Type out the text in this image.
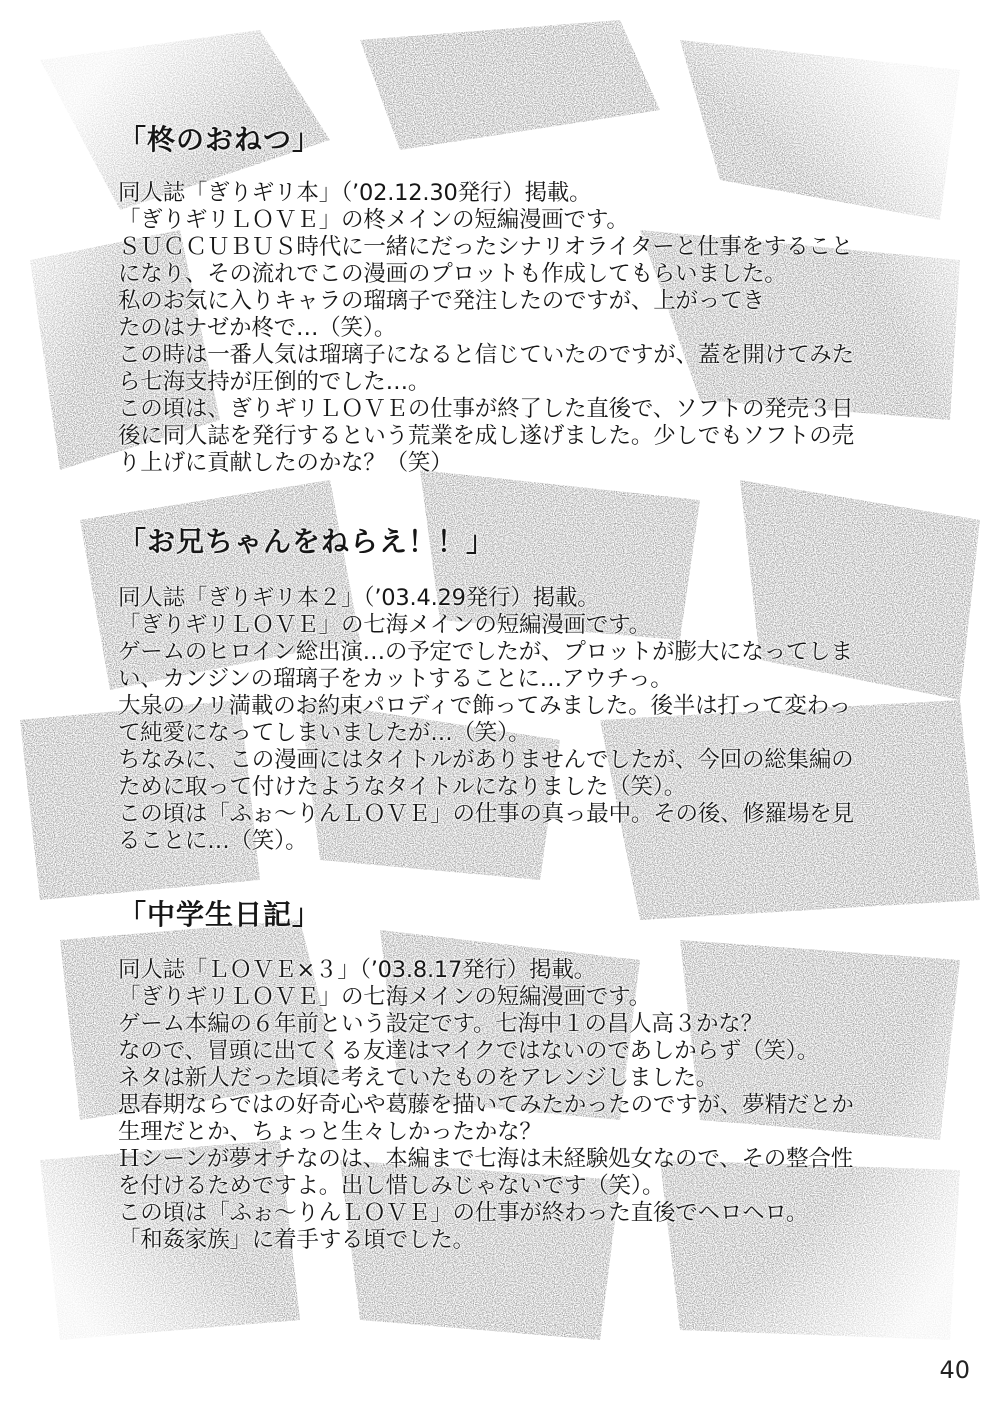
「柊のおねつ」
同人誌「ぎりギリ本」（’02.12.30発行）掲載。
「ぎりギリＬＯＶＥ」の柊メインの短編漫画です。
ＳＵＣＣＵＢＵＳ時代に一緒にだったシナリオライターと仕事をすること
になり、その流れでこの漫画のプロットも作成してもらいました。
私のお気に入りキャラの瑠璃子で発注したのですが、上がってき
たのはナゼか柊で…（笑）。
この時は一番人気は瑠璃子になると信じていたのですが、蓋を開けてみた
ら七海支持が圧倒的でした…。
この頃は、ぎりギリＬＯＶＥの仕事が終了した直後で、ソフトの発売３日
後に同人誌を発行するという荒業を成し遂げました。少しでもソフトの売
り上げに貢献したのかな？（笑）
「お兄ちゃんをねらえ！！」
同人誌「ぎりギリ本２」（’03.4.29発行）掲載。
「ぎりギリＬＯＶＥ」の七海メインの短編漫画です。
ゲームのヒロイン総出演…の予定でしたが、プロットが膨大になってしま
い、カンジンの瑠璃子をカットすることに…アウチっ。
大泉のノリ満載のお約束パロディで飾ってみました。後半は打って変わっ
て純愛になってしまいましたが…（笑）。
ちなみに、この漫画にはタイトルがありませんでしたが、今回の総集編の
ために取って付けたようなタイトルになりました（笑）。
この頃は「ふぉ～りんＬＯＶＥ」の仕事の真っ最中。その後、修羅場を見
ることに…（笑）。
「中学生日記」
同人誌「ＬＯＶＥ×３」（’03.8.17発行）掲載。
「ぎりギリＬＯＶＥ」の七海メインの短編漫画です。
ゲーム本編の６年前という設定です。七海中１の昌人高３かな？
なので、冒頭に出てくる友達はマイクではないのであしからず（笑）。
ネタは新人だった頃に考えていたものをアレンジしました。
思春期ならではの好奇心や葛藤を描いてみたかったのですが、夢精だとか
生理だとか、ちょっと生々しかったかな？
Ｈシーンが夢オチなのは、本編まで七海は未経験処女なので、その整合性
を付けるためですよ。出し惜しみじゃないです（笑）。
この頃は「ふぉ～りんＬＯＶＥ」の仕事が終わった直後でヘロヘロ。
「和姦家族」に着手する頃でした。
40
